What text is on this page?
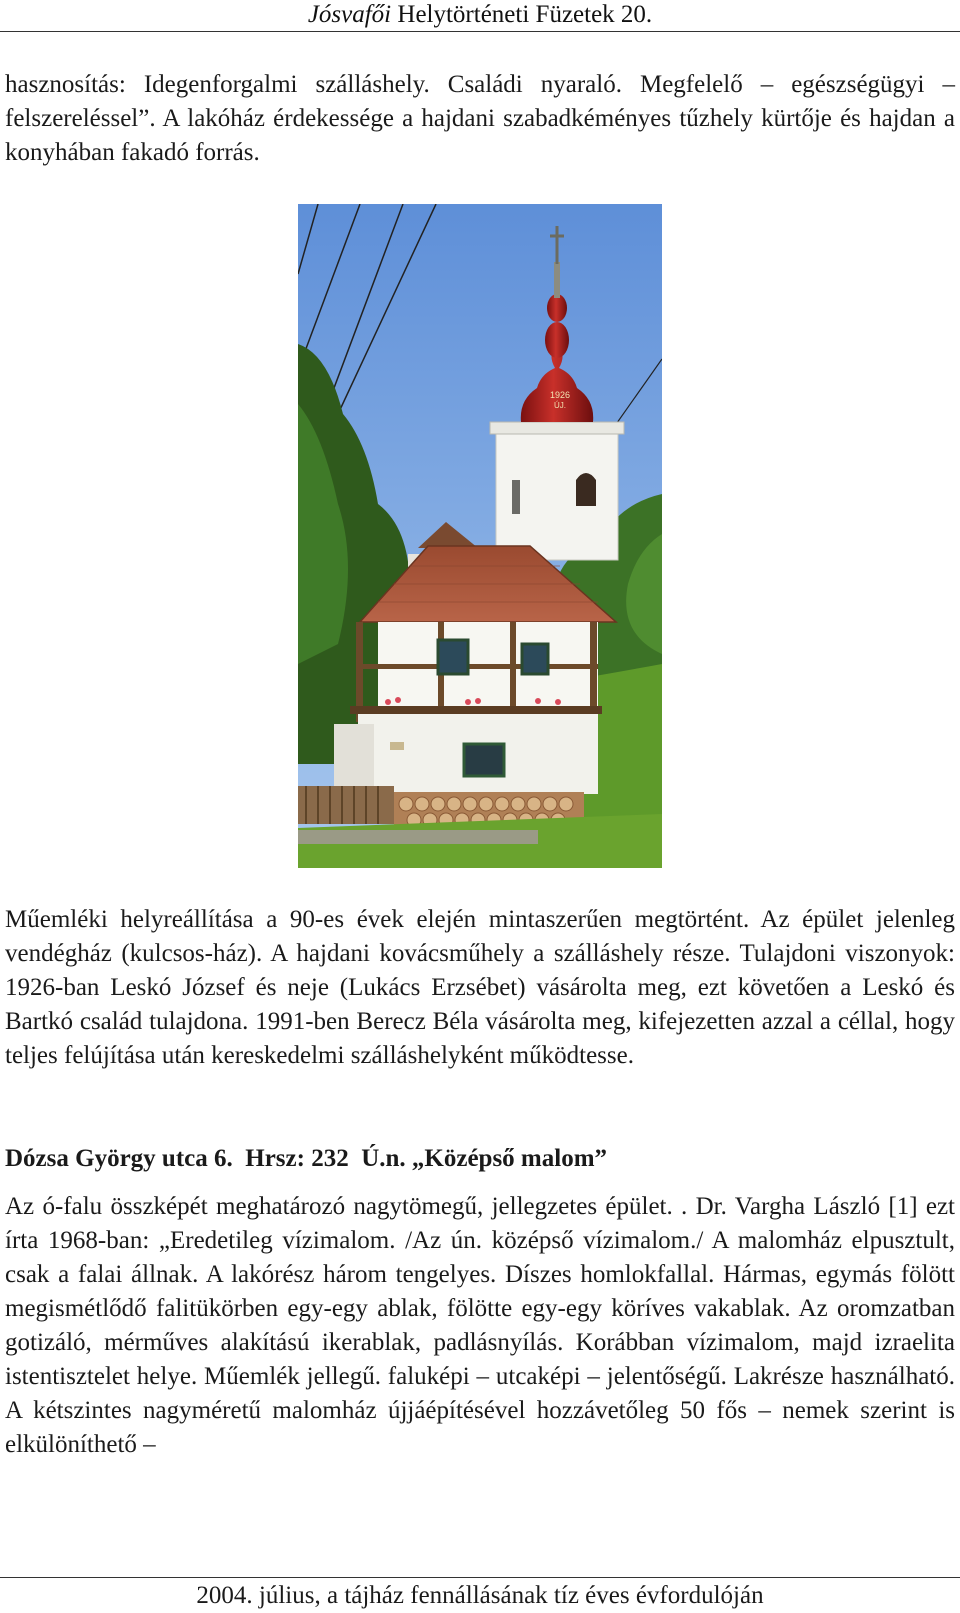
Jósvafői Helytörténeti Füzetek 20.

hasznosítás: Idegenforgalmi szálláshely. Családi nyaraló. Megfelelő – egészségügyi – felszereléssel”. A lakóház érdekessége a hajdani szabadkéményes tűzhely kürtője és hajdan a konyhában fakadó forrás.

1926
ÚJ.

Műemléki helyreállítása a 90-es évek elején mintaszerűen megtörtént. Az épület jelenleg vendégház (kulcsos-ház). A hajdani kovácsműhely a szálláshely része. Tulajdoni viszonyok: 1926-ban Leskó József és neje (Lukács Erzsébet) vásárolta meg, ezt követően a Leskó és Bartkó család tulajdona. 1991-ben Berecz Béla vásárolta meg, kifejezetten azzal a céllal, hogy teljes felújítása után kereskedelmi szálláshelyként működtesse.

Dózsa György utca 6.  Hrsz: 232  Ú.n. „Középső malom”

Az ó-falu összképét meghatározó nagytömegű, jellegzetes épület. . Dr. Vargha László [1] ezt írta 1968-ban: „Eredetileg vízimalom. /Az ún. középső vízimalom./ A malomház elpusztult, csak a falai állnak. A lakórész három tengelyes. Díszes homlokfallal. Hármas, egymás fölött megismétlődő falitükörben egy-egy ablak, fölötte egy-egy köríves vakablak. Az oromzatban gotizáló, mérműves alakítású ikerablak, padlásnyílás. Korábban vízimalom, majd izraelita istentisztelet helye. Műemlék jellegű. faluképi – utcaképi – jelentőségű. Lakrésze használható. A kétszintes nagyméretű malomház újjáépítésével hozzávetőleg 50 fős – nemek szerint is elkülöníthető –

2004. július, a tájház fennállásának tíz éves évfordulóján
